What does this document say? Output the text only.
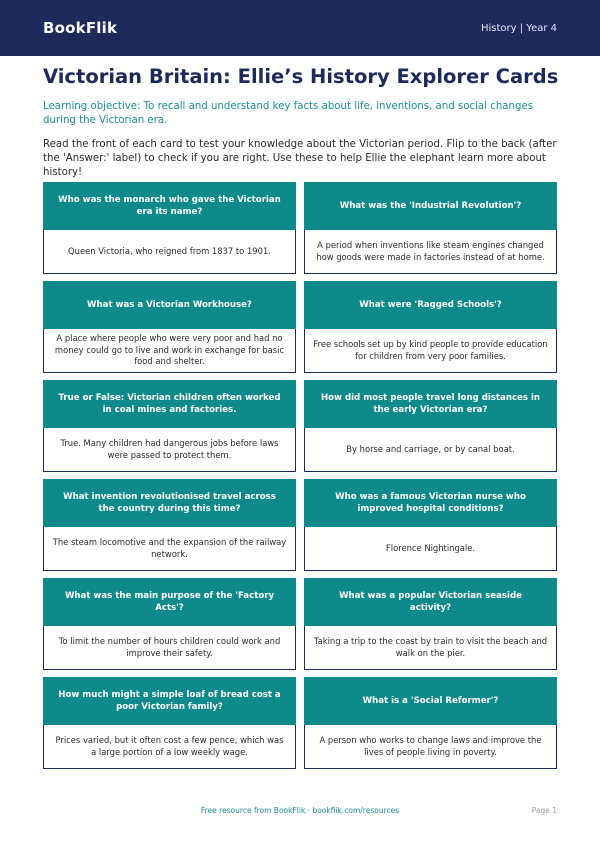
BookFlik	History | Year 4
Victorian Britain: Ellie’s History Explorer Cards

Learning objective: To recall and understand key facts about life, inventions, and social changes during the Victorian era.

Read the front of each card to test your knowledge about the Victorian period. Flip to the back (after the 'Answer:' label) to check if you are right. Use these to help Ellie the elephant learn more about history!

Who was the monarch who gave the Victorian era its name?
Queen Victoria, who reigned from 1837 to 1901.
What was the 'Industrial Revolution'?
A period when inventions like steam engines changed how goods were made in factories instead of at home.
What was a Victorian Workhouse?
A place where people who were very poor and had no money could go to live and work in exchange for basic food and shelter.
What were 'Ragged Schools'?
Free schools set up by kind people to provide education for children from very poor families.
True or False: Victorian children often worked in coal mines and factories.
True. Many children had dangerous jobs before laws were passed to protect them.
How did most people travel long distances in the early Victorian era?
By horse and carriage, or by canal boat.
What invention revolutionised travel across the country during this time?
The steam locomotive and the expansion of the railway network.
Who was a famous Victorian nurse who improved hospital conditions?
Florence Nightingale.
What was the main purpose of the 'Factory Acts'?
To limit the number of hours children could work and improve their safety.
What was a popular Victorian seaside activity?
Taking a trip to the coast by train to visit the beach and walk on the pier.
How much might a simple loaf of bread cost a poor Victorian family?
Prices varied, but it often cost a few pence, which was a large portion of a low weekly wage.
What is a 'Social Reformer'?
A person who works to change laws and improve the lives of people living in poverty.
Free resource from BookFlik · bookflik.com/resources	Page 1
